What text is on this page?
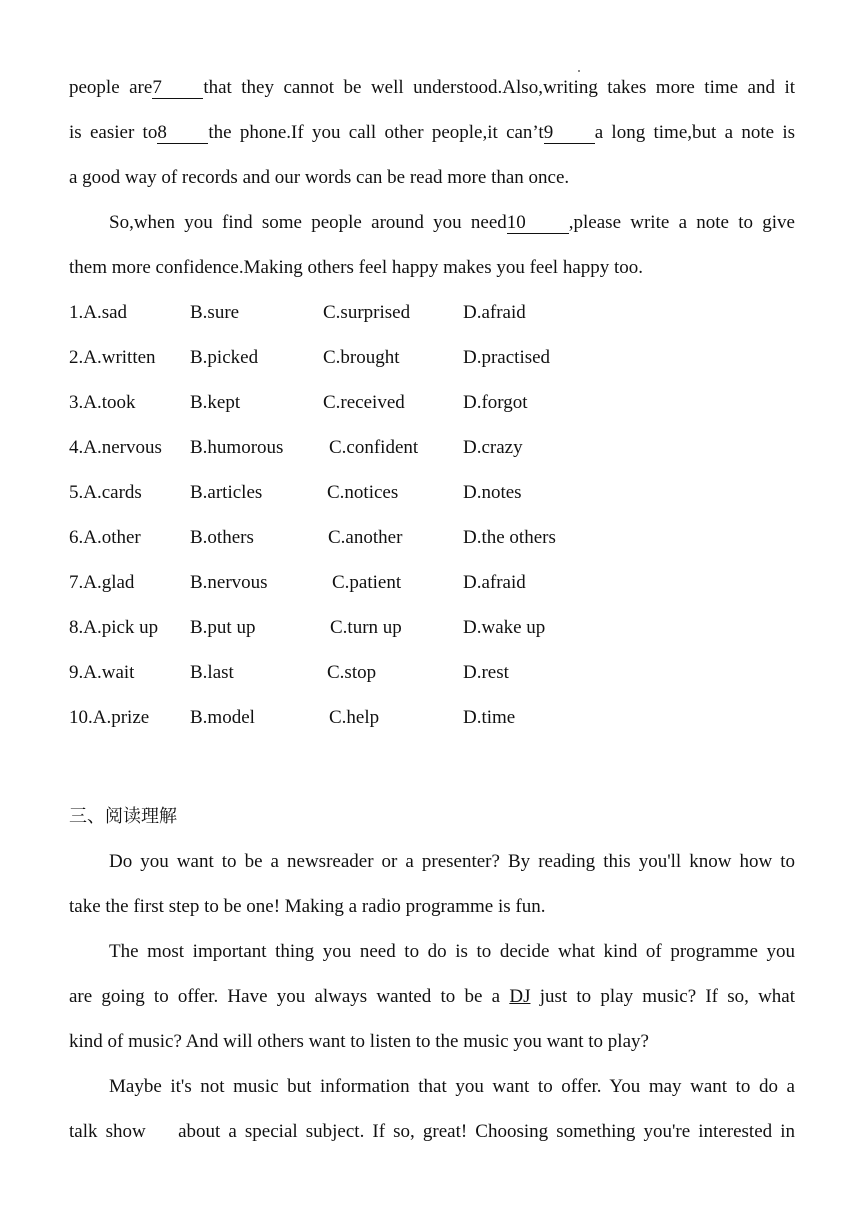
people are7 that they cannot be well understood.Also,writing takes more time and it
is easier to8 the phone.If you call other people,it can’t9 a long time,but a note is
a good way of records and our words can be read more than once.
So,when you find some people around you need10 ,please write a note to give
them more confidence.Making others feel happy makes you feel happy too.
1.A.sad	B.sure	C.surprised	D.afraid
2.A.written B.picked	C.brought	D.practised
3.A.took	B.kept	C.received	D.forgot
4.A.nervous B.humorous C.confident D.crazy
5.A.cards	B.articles	C.notices	D.notes
6.A.other	B.others	C.another	D.the others
7.A.glad	B.nervous	C.patient	D.afraid
8.A.pick up B.put up	C.turn up	D.wake up
9.A.wait	B.last	C.stop	D.rest
10.A.prize B.model	C.help	D.time
三、阅读理解
Do you want to be a newsreader or a presenter? By reading this you'll know how to
take the first step to be one! Making a radio programme is fun.
The most important thing you need to do is to decide what kind of programme you
are going to offer. Have you always wanted to be a DJ just to play music? If so, what
kind of music? And will others want to listen to the music you want to play?
Maybe it's not music but information that you want to offer. You may want to do a
talk show    about a special subject. If so, great! Choosing something you're interested in
